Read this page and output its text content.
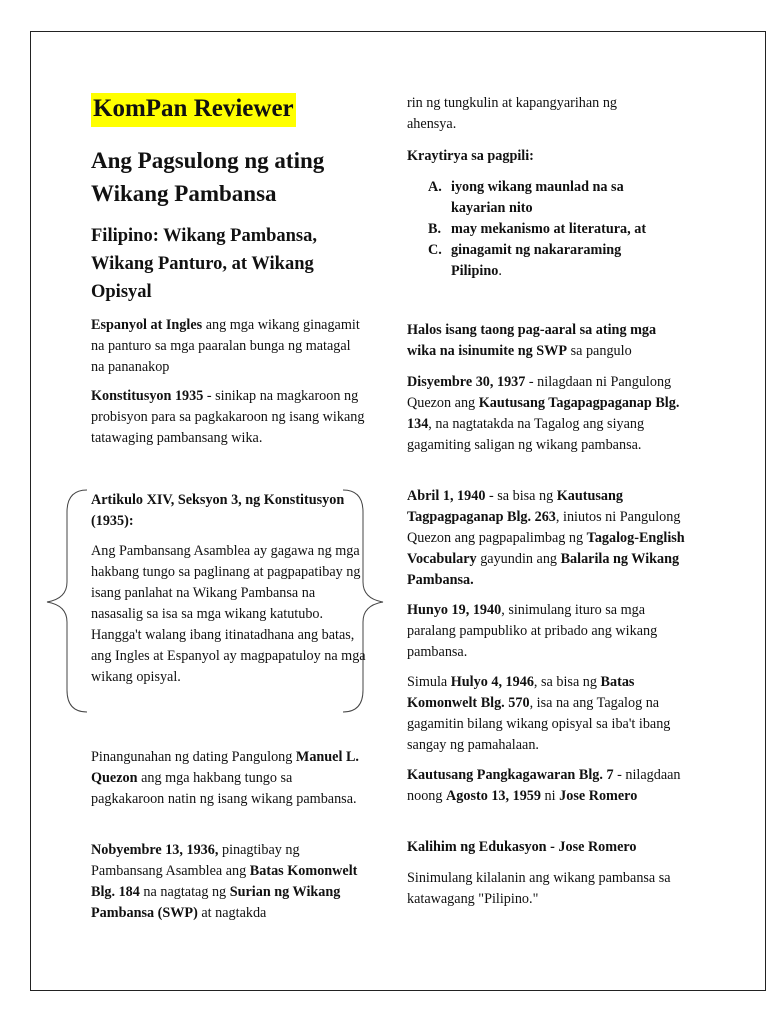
KomPan Reviewer
Ang Pagsulong ng ating Wikang Pambansa
Filipino: Wikang Pambansa, Wikang Panturo, at Wikang Opisyal

Espanyol at Ingles ang mga wikang ginagamit na panturo sa mga paaralan bunga ng matagal na pananakop

Konstitusyon 1935 - sinikap na magkaroon ng probisyon para sa pagkakaroon ng isang wikang tatawaging pambansang wika.

Artikulo XIV, Seksyon 3, ng Konstitusyon (1935):

Ang Pambansang Asamblea ay gagawa ng mga hakbang tungo sa paglinang at pagpapatibay ng isang panlahat na Wikang Pambansa na nasasalig sa isa sa mga wikang katutubo. Hangga't walang ibang itinatadhana ang batas, ang Ingles at Espanyol ay magpapatuloy na mga wikang opisyal.

Pinangunahan ng dating Pangulong Manuel L. Quezon ang mga hakbang tungo sa pagkakaroon natin ng isang wikang pambansa.

Nobyembre 13, 1936, pinagtibay ng Pambansang Asamblea ang Batas Komonwelt Blg. 184 na nagtatag ng Surian ng Wikang Pambansa (SWP) at nagtakda

rin ng tungkulin at kapangyarihan ng ahensya.

Kraytirya sa pagpili:

A. iyong wikang maunlad na sa kayarian nito
B. may mekanismo at literatura, at
C. ginagamit ng nakararaming Pilipino.

Halos isang taong pag-aaral sa ating mga wika na isinumite ng SWP sa pangulo

Disyembre 30, 1937 - nilagdaan ni Pangulong Quezon ang Kautusang Tagapagpaganap Blg. 134, na nagtatakda na Tagalog ang siyang gagamiting saligan ng wikang pambansa.

Abril 1, 1940 - sa bisa ng Kautusang Tagpagpaganap Blg. 263, iniutos ni Pangulong Quezon ang pagpapalimbag ng Tagalog-English Vocabulary gayundin ang Balarila ng Wikang Pambansa.

Hunyo 19, 1940, sinimulang ituro sa mga paralang pampubliko at pribado ang wikang pambansa.

Simula Hulyo 4, 1946, sa bisa ng Batas Komonwelt Blg. 570, isa na ang Tagalog na gagamitin bilang wikang opisyal sa iba't ibang sangay ng pamahalaan.

Kautusang Pangkagawaran Blg. 7 - nilagdaan noong Agosto 13, 1959 ni Jose Romero

Kalihim ng Edukasyon - Jose Romero

Sinimulang kilalanin ang wikang pambansa sa katawagang "Pilipino."
